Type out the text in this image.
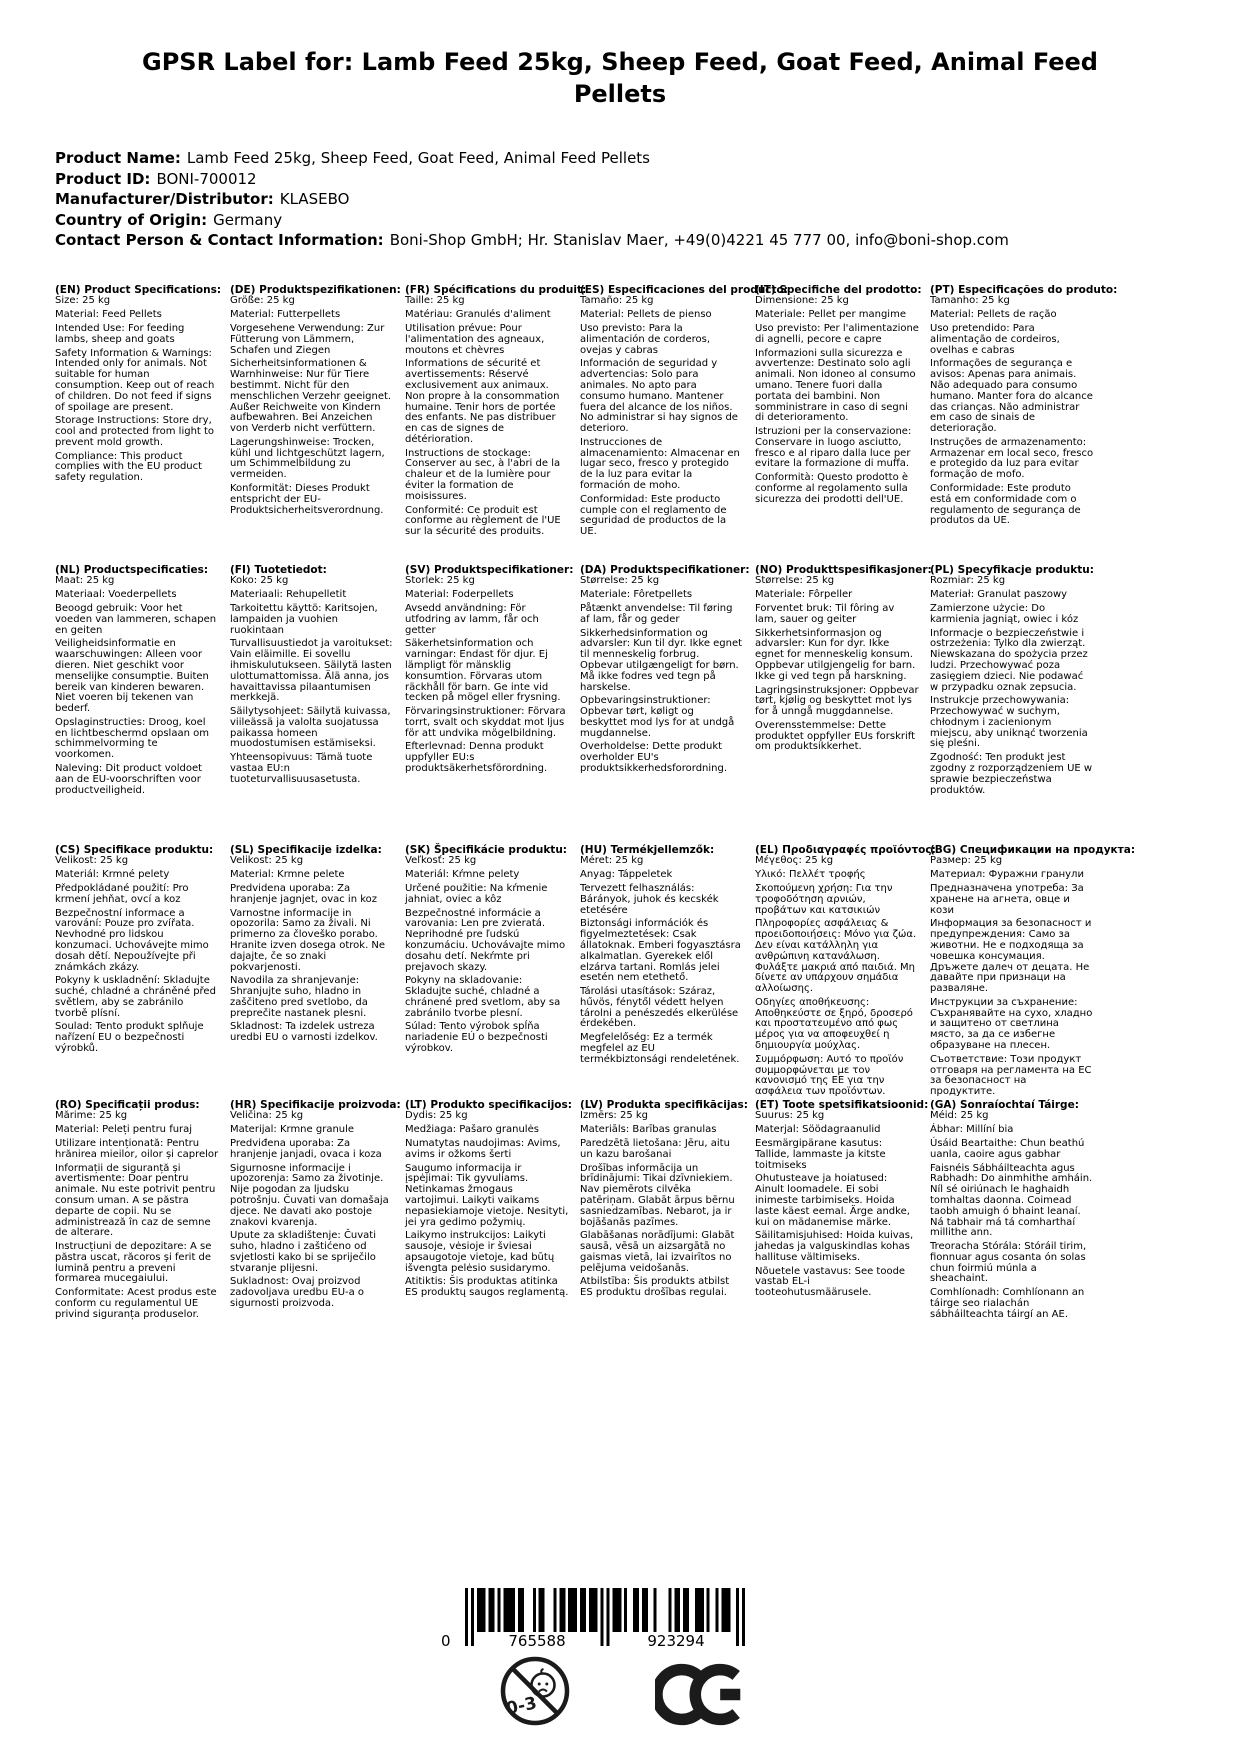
GPSR Label for: Lamb Feed 25kg, Sheep Feed, Goat Feed, Animal Feed Pellets
Product Name: Lamb Feed 25kg, Sheep Feed, Goat Feed, Animal Feed Pellets
Product ID: BONI-700012
Manufacturer/Distributor: KLASEBO
Country of Origin: Germany
Contact Person & Contact Information: Boni-Shop GmbH; Hr. Stanislav Maer, +49(0)4221 45 777 00, info@boni-shop.com
(EN) Product Specifications:

Size: 25 kg

Material: Feed Pellets

Intended Use: For feeding lambs, sheep and goats

Safety Information & Warnings: Intended only for animals. Not suitable for human consumption. Keep out of reach of children. Do not feed if signs of spoilage are present.

Storage Instructions: Store dry, cool and protected from light to prevent mold growth.

Compliance: This product complies with the EU product safety regulation.

(DE) Produktspezifikationen:

Größe: 25 kg

Material: Futterpellets

Vorgesehene Verwendung: Zur Fütterung von Lämmern, Schafen und Ziegen

Sicherheitsinformationen & Warnhinweise: Nur für Tiere bestimmt. Nicht für den menschlichen Verzehr geeignet. Außer Reichweite von Kindern aufbewahren. Bei Anzeichen von Verderb nicht verfüttern.

Lagerungshinweise: Trocken, kühl und lichtgeschützt lagern, um Schimmelbildung zu vermeiden.

Konformität: Dieses Produkt entspricht der EU-Produktsicherheitsverordnung.

(FR) Spécifications du produit:

Taille: 25 kg

Matériau: Granulés d'aliment

Utilisation prévue: Pour l'alimentation des agneaux, moutons et chèvres

Informations de sécurité et avertissements: Réservé exclusivement aux animaux. Non propre à la consommation humaine. Tenir hors de portée des enfants. Ne pas distribuer en cas de signes de détérioration.

Instructions de stockage: Conserver au sec, à l'abri de la chaleur et de la lumière pour éviter la formation de moisissures.

Conformité: Ce produit est conforme au règlement de l'UE sur la sécurité des produits.

(ES) Especificaciones del producto:

Tamaño: 25 kg

Material: Pellets de pienso

Uso previsto: Para la alimentación de corderos, ovejas y cabras

Información de seguridad y advertencias: Solo para animales. No apto para consumo humano. Mantener fuera del alcance de los niños. No administrar si hay signos de deterioro.

Instrucciones de almacenamiento: Almacenar en lugar seco, fresco y protegido de la luz para evitar la formación de moho.

Conformidad: Este producto cumple con el reglamento de seguridad de productos de la UE.

(IT) Specifiche del prodotto:

Dimensione: 25 kg

Materiale: Pellet per mangime

Uso previsto: Per l'alimentazione di agnelli, pecore e capre

Informazioni sulla sicurezza e avvertenze: Destinato solo agli animali. Non idoneo al consumo umano. Tenere fuori dalla portata dei bambini. Non somministrare in caso di segni di deterioramento.

Istruzioni per la conservazione: Conservare in luogo asciutto, fresco e al riparo dalla luce per evitare la formazione di muffa.

Conformità: Questo prodotto è conforme al regolamento sulla sicurezza dei prodotti dell'UE.

(PT) Especificações do produto:

Tamanho: 25 kg

Material: Pellets de ração

Uso pretendido: Para alimentação de cordeiros, ovelhas e cabras

Informações de segurança e avisos: Apenas para animais. Não adequado para consumo humano. Manter fora do alcance das crianças. Não administrar em caso de sinais de deterioração.

Instruções de armazenamento: Armazenar em local seco, fresco e protegido da luz para evitar formação de mofo.

Conformidade: Este produto está em conformidade com o regulamento de segurança de produtos da UE.

(NL) Productspecificaties:

Maat: 25 kg

Materiaal: Voederpellets

Beoogd gebruik: Voor het voeden van lammeren, schapen en geiten

Veiligheidsinformatie en waarschuwingen: Alleen voor dieren. Niet geschikt voor menselijke consumptie. Buiten bereik van kinderen bewaren. Niet voeren bij tekenen van bederf.

Opslaginstructies: Droog, koel en lichtbeschermd opslaan om schimmelvorming te voorkomen.

Naleving: Dit product voldoet aan de EU-voorschriften voor productveiligheid.

(FI) Tuotetiedot:

Koko: 25 kg

Materiaali: Rehupelletit

Tarkoitettu käyttö: Karitsojen, lampaiden ja vuohien ruokintaan

Turvallisuustiedot ja varoitukset: Vain eläimille. Ei sovellu ihmiskulutukseen. Säilytä lasten ulottumattomissa. Älä anna, jos havaittavissa pilaantumisen merkkejä.

Säilytysohjeet: Säilytä kuivassa, viileässä ja valolta suojatussa paikassa homeen muodostumisen estämiseksi.

Yhteensopivuus: Tämä tuote vastaa EU:n tuoteturvallisuusasetusta.

(SV) Produktspecifikationer:

Storlek: 25 kg

Material: Foderpellets

Avsedd användning: För utfodring av lamm, får och getter

Säkerhetsinformation och varningar: Endast för djur. Ej lämpligt för mänsklig konsumtion. Förvaras utom räckhåll för barn. Ge inte vid tecken på mögel eller frysning.

Förvaringsinstruktioner: Förvara torrt, svalt och skyddat mot ljus för att undvika mögelbildning.

Efterlevnad: Denna produkt uppfyller EU:s produktsäkerhetsförordning.

(DA) Produktspecifikationer:

Størrelse: 25 kg

Materiale: Fôretpellets

Påtænkt anvendelse: Til føring af lam, får og geder

Sikkerhedsinformation og advarsler: Kun til dyr. Ikke egnet til menneskelig forbrug. Opbevar utilgængeligt for børn. Må ikke fodres ved tegn på harskelse.

Opbevaringsinstruktioner: Opbevar tørt, køligt og beskyttet mod lys for at undgå mugdannelse.

Overholdelse: Dette produkt overholder EU's produktsikkerhedsforordning.

(NO) Produkttspesifikasjoner:

Størrelse: 25 kg

Materiale: Fôrpeller

Forventet bruk: Til fôring av lam, sauer og geiter

Sikkerhetsinformasjon og advarsler: Kun for dyr. Ikke egnet for menneskelig konsum. Oppbevar utilgjengelig for barn. Ikke gi ved tegn på harskning.

Lagringsinstruksjoner: Oppbevar tørt, kjølig og beskyttet mot lys for å unngå muggdannelse.

Overensstemmelse: Dette produktet oppfyller EUs forskrift om produktsikkerhet.

(PL) Specyfikacje produktu:

Rozmiar: 25 kg

Materiał: Granulat paszowy

Zamierzone użycie: Do karmienia jagniąt, owiec i kóz

Informacje o bezpieczeństwie i ostrzeżenia: Tylko dla zwierząt. Niewskazana do spożycia przez ludzi. Przechowywać poza zasięgiem dzieci. Nie podawać w przypadku oznak zepsucia.

Instrukcje przechowywania: Przechowywać w suchym, chłodnym i zacienionym miejscu, aby uniknąć tworzenia się pleśni.

Zgodność: Ten produkt jest zgodny z rozporządzeniem UE w sprawie bezpieczeństwa produktów.

(CS) Specifikace produktu:

Velikost: 25 kg

Materiál: Krmné pelety

Předpokládané použití: Pro krmení jehňat, ovcí a koz

Bezpečnostní informace a varování: Pouze pro zvířata. Nevhodné pro lidskou konzumaci. Uchovávejte mimo dosah dětí. Nepoužívejte při známkách zkázy.

Pokyny k uskladnění: Skladujte suché, chladné a chráněné před světlem, aby se zabránilo tvorbě plísní.

Soulad: Tento produkt splňuje nařízení EU o bezpečnosti výrobků.

(SL) Specifikacije izdelka:

Velikost: 25 kg

Material: Krmne pelete

Predvidena uporaba: Za hranjenje jagnjet, ovac in koz

Varnostne informacije in opozorila: Samo za živali. Ni primerno za človeško porabo. Hranite izven dosega otrok. Ne dajajte, če so znaki pokvarjenosti.

Navodila za shranjevanje: Shranjujte suho, hladno in zaščiteno pred svetlobo, da preprečite nastanek plesni.

Skladnost: Ta izdelek ustreza uredbi EU o varnosti izdelkov.

(SK) Špecifikácie produktu:

Veľkosť: 25 kg

Materiál: Kŕmne pelety

Určené použitie: Na kŕmenie jahniat, oviec a kôz

Bezpečnostné informácie a varovania: Len pre zvieratá. Neprihodné pre ľudskú konzumáciu. Uchovávajte mimo dosahu detí. Nekŕmte pri prejavoch skazy.

Pokyny na skladovanie: Skladujte suché, chladné a chránené pred svetlom, aby sa zabránilo tvorbe plesní.

Súlad: Tento výrobok spĺňa nariadenie EÚ o bezpečnosti výrobkov.

(HU) Termékjellemzők:

Méret: 25 kg

Anyag: Táppeletek

Tervezett felhasználás: Bárányok, juhok és kecskék etetésére

Biztonsági információk és figyelmeztetések: Csak állatoknak. Emberi fogyasztásra alkalmatlan. Gyerekek elől elzárva tartani. Romlás jelei esetén nem etethető.

Tárolási utasítások: Száraz, hűvös, fénytől védett helyen tárolni a penészedés elkerülése érdekében.

Megfelelőség: Ez a termék megfelel az EU termékbiztonsági rendeletének.

(EL) Προδιαγραφές προϊόντος:

Μέγεθος: 25 kg

Υλικό: Πελλέτ τροφής

Σκοπούμενη χρήση: Για την τροφοδότηση αρνιών, προβάτων και κατσικιών

Πληροφορίες ασφάλειας & προειδοποιήσεις: Μόνο για ζώα. Δεν είναι κατάλληλη για ανθρώπινη κατανάλωση. Φυλάξτε μακριά από παιδιά. Μη δίνετε αν υπάρχουν σημάδια αλλοίωσης.

Οδηγίες αποθήκευσης: Αποθηκεύστε σε ξηρό, δροσερό και προστατευμένο από φως μέρος για να αποφευχθεί η δημιουργία μούχλας.

Συμμόρφωση: Αυτό το προϊόν συμμορφώνεται με τον κανονισμό της ΕΕ για την ασφάλεια των προϊόντων.

(BG) Спецификации на продукта:

Размер: 25 kg

Материал: Фуражни гранули

Предназначена употреба: За хранене на агнета, овце и кози

Информация за безопасност и предупреждения: Само за животни. Не е подходяща за човешка консумация. Дръжете далеч от децата. Не давайте при признаци на разваляне.

Инструкции за съхранение: Съхранявайте на сухо, хладно и защитено от светлина място, за да се избегне образуване на плесен.

Съответствие: Този продукт отговаря на регламента на ЕС за безопасност на продуктите.

(RO) Specificații produs:

Mărime: 25 kg

Material: Peleți pentru furaj

Utilizare intenționată: Pentru hrănirea mieilor, oilor și caprelor

Informații de siguranță și avertismente: Doar pentru animale. Nu este potrivit pentru consum uman. A se păstra departe de copii. Nu se administrează în caz de semne de alterare.

Instrucțiuni de depozitare: A se păstra uscat, răcoros și ferit de lumină pentru a preveni formarea mucegaiului.

Conformitate: Acest produs este conform cu regulamentul UE privind siguranța produselor.

(HR) Specifikacije proizvoda:

Veličina: 25 kg

Materijal: Krmne granule

Predviđena uporaba: Za hranjenje janjadi, ovaca i koza

Sigurnosne informacije i upozorenja: Samo za životinje. Nije pogodan za ljudsku potrošnju. Čuvati van domašaja djece. Ne davati ako postoje znakovi kvarenja.

Upute za skladištenje: Čuvati suho, hladno i zaštićeno od svjetlosti kako bi se spriječilo stvaranje plijesni.

Sukladnost: Ovaj proizvod zadovoljava uredbu EU-a o sigurnosti proizvoda.

(LT) Produkto specifikacijos:

Dydis: 25 kg

Medžiaga: Pašaro granulės

Numatytas naudojimas: Avims, avims ir ožkoms šerti

Saugumo informacija ir įspėjimai: Tik gyvuliams. Netinkamas žmogaus vartojimui. Laikyti vaikams nepasiekiamoje vietoje. Nesityti, jei yra gedimo požymių.

Laikymo instrukcijos: Laikyti sausoje, vėsioje ir šviesai apsaugotoje vietoje, kad būtų išvengta pelėsio susidarymo.

Atitiktis: Šis produktas atitinka ES produktų saugos reglamentą.

(LV) Produkta specifikācijas:

Izmērs: 25 kg

Materiāls: Barības granulas

Paredzētā lietošana: Jēru, aitu un kazu barošanai

Drošības informācija un brīdinājumi: Tikai dzīvniekiem. Nav piemērots cilvēka patēriņam. Glabāt ārpus bērnu sasniedzamības. Nebarot, ja ir bojāšanās pazīmes.

Glabāšanas norādījumi: Glabāt sausā, vēsā un aizsargātā no gaismas vietā, lai izvairītos no pelējuma veidošanās.

Atbilstība: Šis produkts atbilst ES produktu drošības regulai.

(ET) Toote spetsifikatsioonid:

Suurus: 25 kg

Materjal: Söödagraanulid

Eesmärgipärane kasutus: Tallide, lammaste ja kitste toitmiseks

Ohutusteave ja hoiatused: Ainult loomadele. Ei sobi inimeste tarbimiseks. Hoida laste käest eemal. Ärge andke, kui on mädanemise märke.

Säilitamisjuhised: Hoida kuivas, jahedas ja valguskindlas kohas hallituse vältimiseks.

Nõuetele vastavus: See toode vastab EL-i tooteohutusmäärusele.

(GA) Sonraíochtaí Táirge:

Méid: 25 kg

Ábhar: Millíní bia

Úsáid Beartaithe: Chun beathú uanla, caoire agus gabhar

Faisnéis Sábháilteachta agus Rabhadh: Do ainmhithe amháin. Níl sé oiriúnach le haghaidh tomhaltas daonna. Coimead taobh amuigh ó bhaint leanaí. Ná tabhair má tá comharthaí millithe ann.

Treoracha Stórála: Stóráil tirim, fionnuar agus cosanta ón solas chun foirmiú múnla a sheachaint.

Comhlíonadh: Comhlíonann an táirge seo rialachán sábháilteachta táirgí an AE.

0	765588	923294
0-3
